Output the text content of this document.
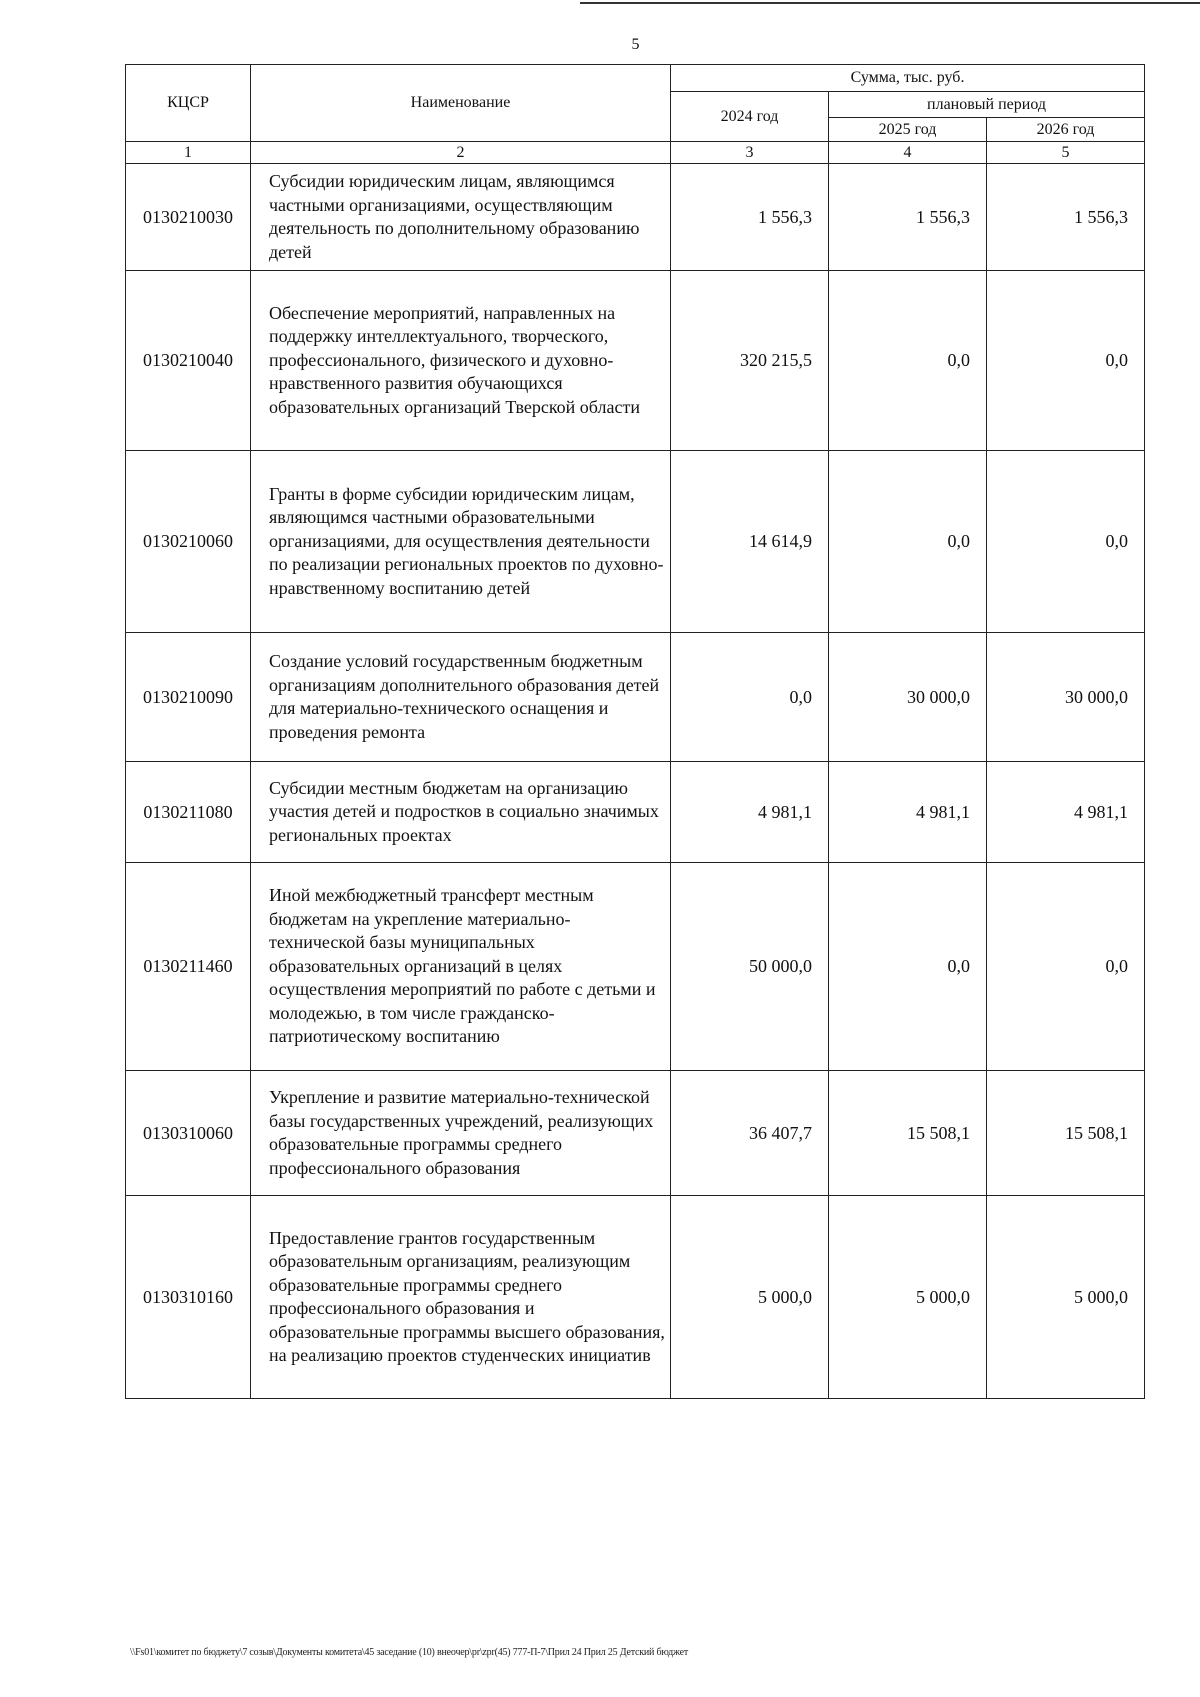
5
КЦСР	Наименование	Сумма, тыс. руб.		
		2024 год	плановый период	
			2025 год	2026 год
1	2	3	4	5
0130210030	Субсидии юридическим лицам, являющимся частными организациями, осуществляющим деятельность по дополнительному образованию детей	1 556,3	1 556,3	1 556,3
0130210040	Обеспечение мероприятий, направленных на поддержку интеллектуального, творческого, профессионального, физического и духовно-нравственного развития обучающихся образовательных организаций Тверской области	320 215,5	0,0	0,0
0130210060	Гранты в форме субсидии юридическим лицам, являющимся частными образовательными организациями, для осуществления деятельности по реализации региональных проектов по духовно-нравственному воспитанию детей	14 614,9	0,0	0,0
0130210090	Создание условий государственным бюджетным организациям дополнительного образования детей для материально-технического оснащения и проведения ремонта	0,0	30 000,0	30 000,0
0130211080	Субсидии местным бюджетам на организацию участия детей и подростков в социально значимых региональных проектах	4 981,1	4 981,1	4 981,1
0130211460	Иной межбюджетный трансферт местным бюджетам на укрепление материально-технической базы муниципальных образовательных организаций в целях осуществления мероприятий по работе с детьми и молодежью, в том числе гражданско-патриотическому воспитанию	50 000,0	0,0	0,0
0130310060	Укрепление и развитие материально-технической базы государственных учреждений, реализующих образовательные программы среднего профессионального образования	36 407,7	15 508,1	15 508,1
0130310160	Предоставление грантов государственным образовательным организациям, реализующим образовательные программы среднего профессионального образования и образовательные программы высшего образования, на реализацию проектов студенческих инициатив	5 000,0	5 000,0	5 000,0
\\Fs01\комитет по бюджету\7 созыв\Документы комитета\45 заседание (10) внеочер\pr\zpr(45) 777-П-7\Прил 24 Прил 25 Детский бюджет
